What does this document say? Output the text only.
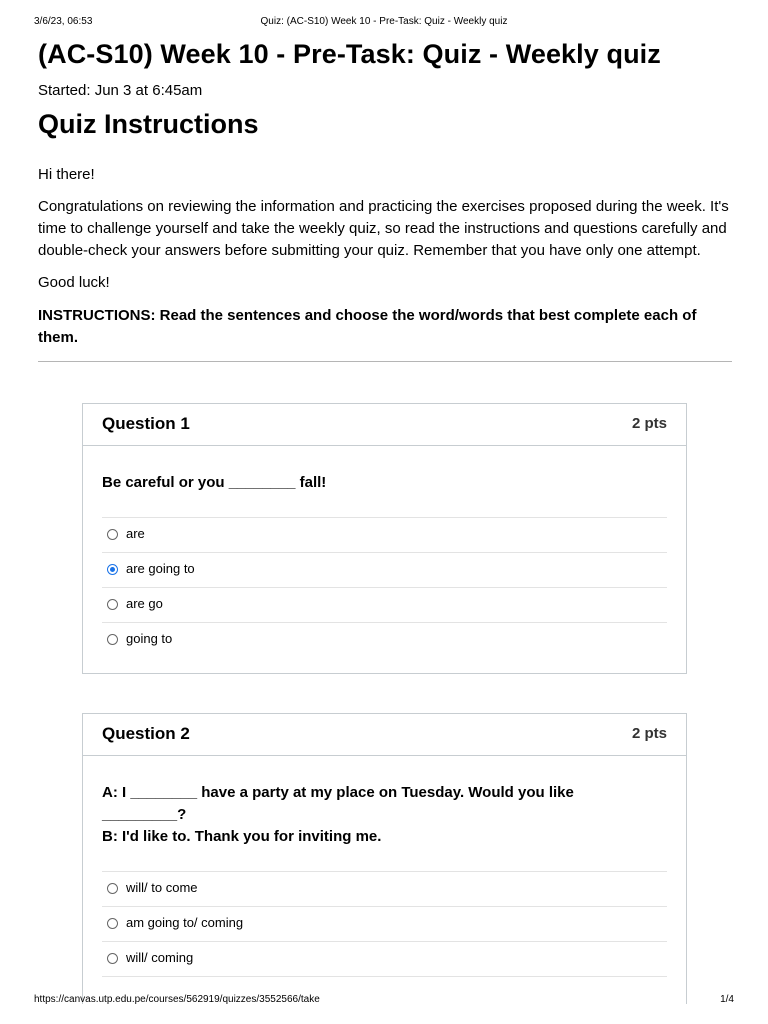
3/6/23, 06:53	Quiz: (AC-S10) Week 10 - Pre-Task: Quiz - Weekly quiz
(AC-S10) Week 10 - Pre-Task: Quiz - Weekly quiz
Started: Jun 3 at 6:45am
Quiz Instructions

Hi there!

Congratulations on reviewing the information and practicing the exercises proposed during the week. It's time to challenge yourself and take the weekly quiz, so read the instructions and questions carefully and double-check your answers before submitting your quiz. Remember that you have only one attempt.

Good luck!

INSTRUCTIONS: Read the sentences and choose the word/words that best complete each of them.

Question 1	2 pts
Be careful or you ________ fall!
are
are going to
are go
going to
Question 2	2 pts
A: I ________ have a party at my place on Tuesday. Would you like
_________?
B: I'd like to. Thank you for inviting me.
will/ to come
am going to/ coming
will/ coming
https://canvas.utp.edu.pe/courses/562919/quizzes/3552566/take	1/4
